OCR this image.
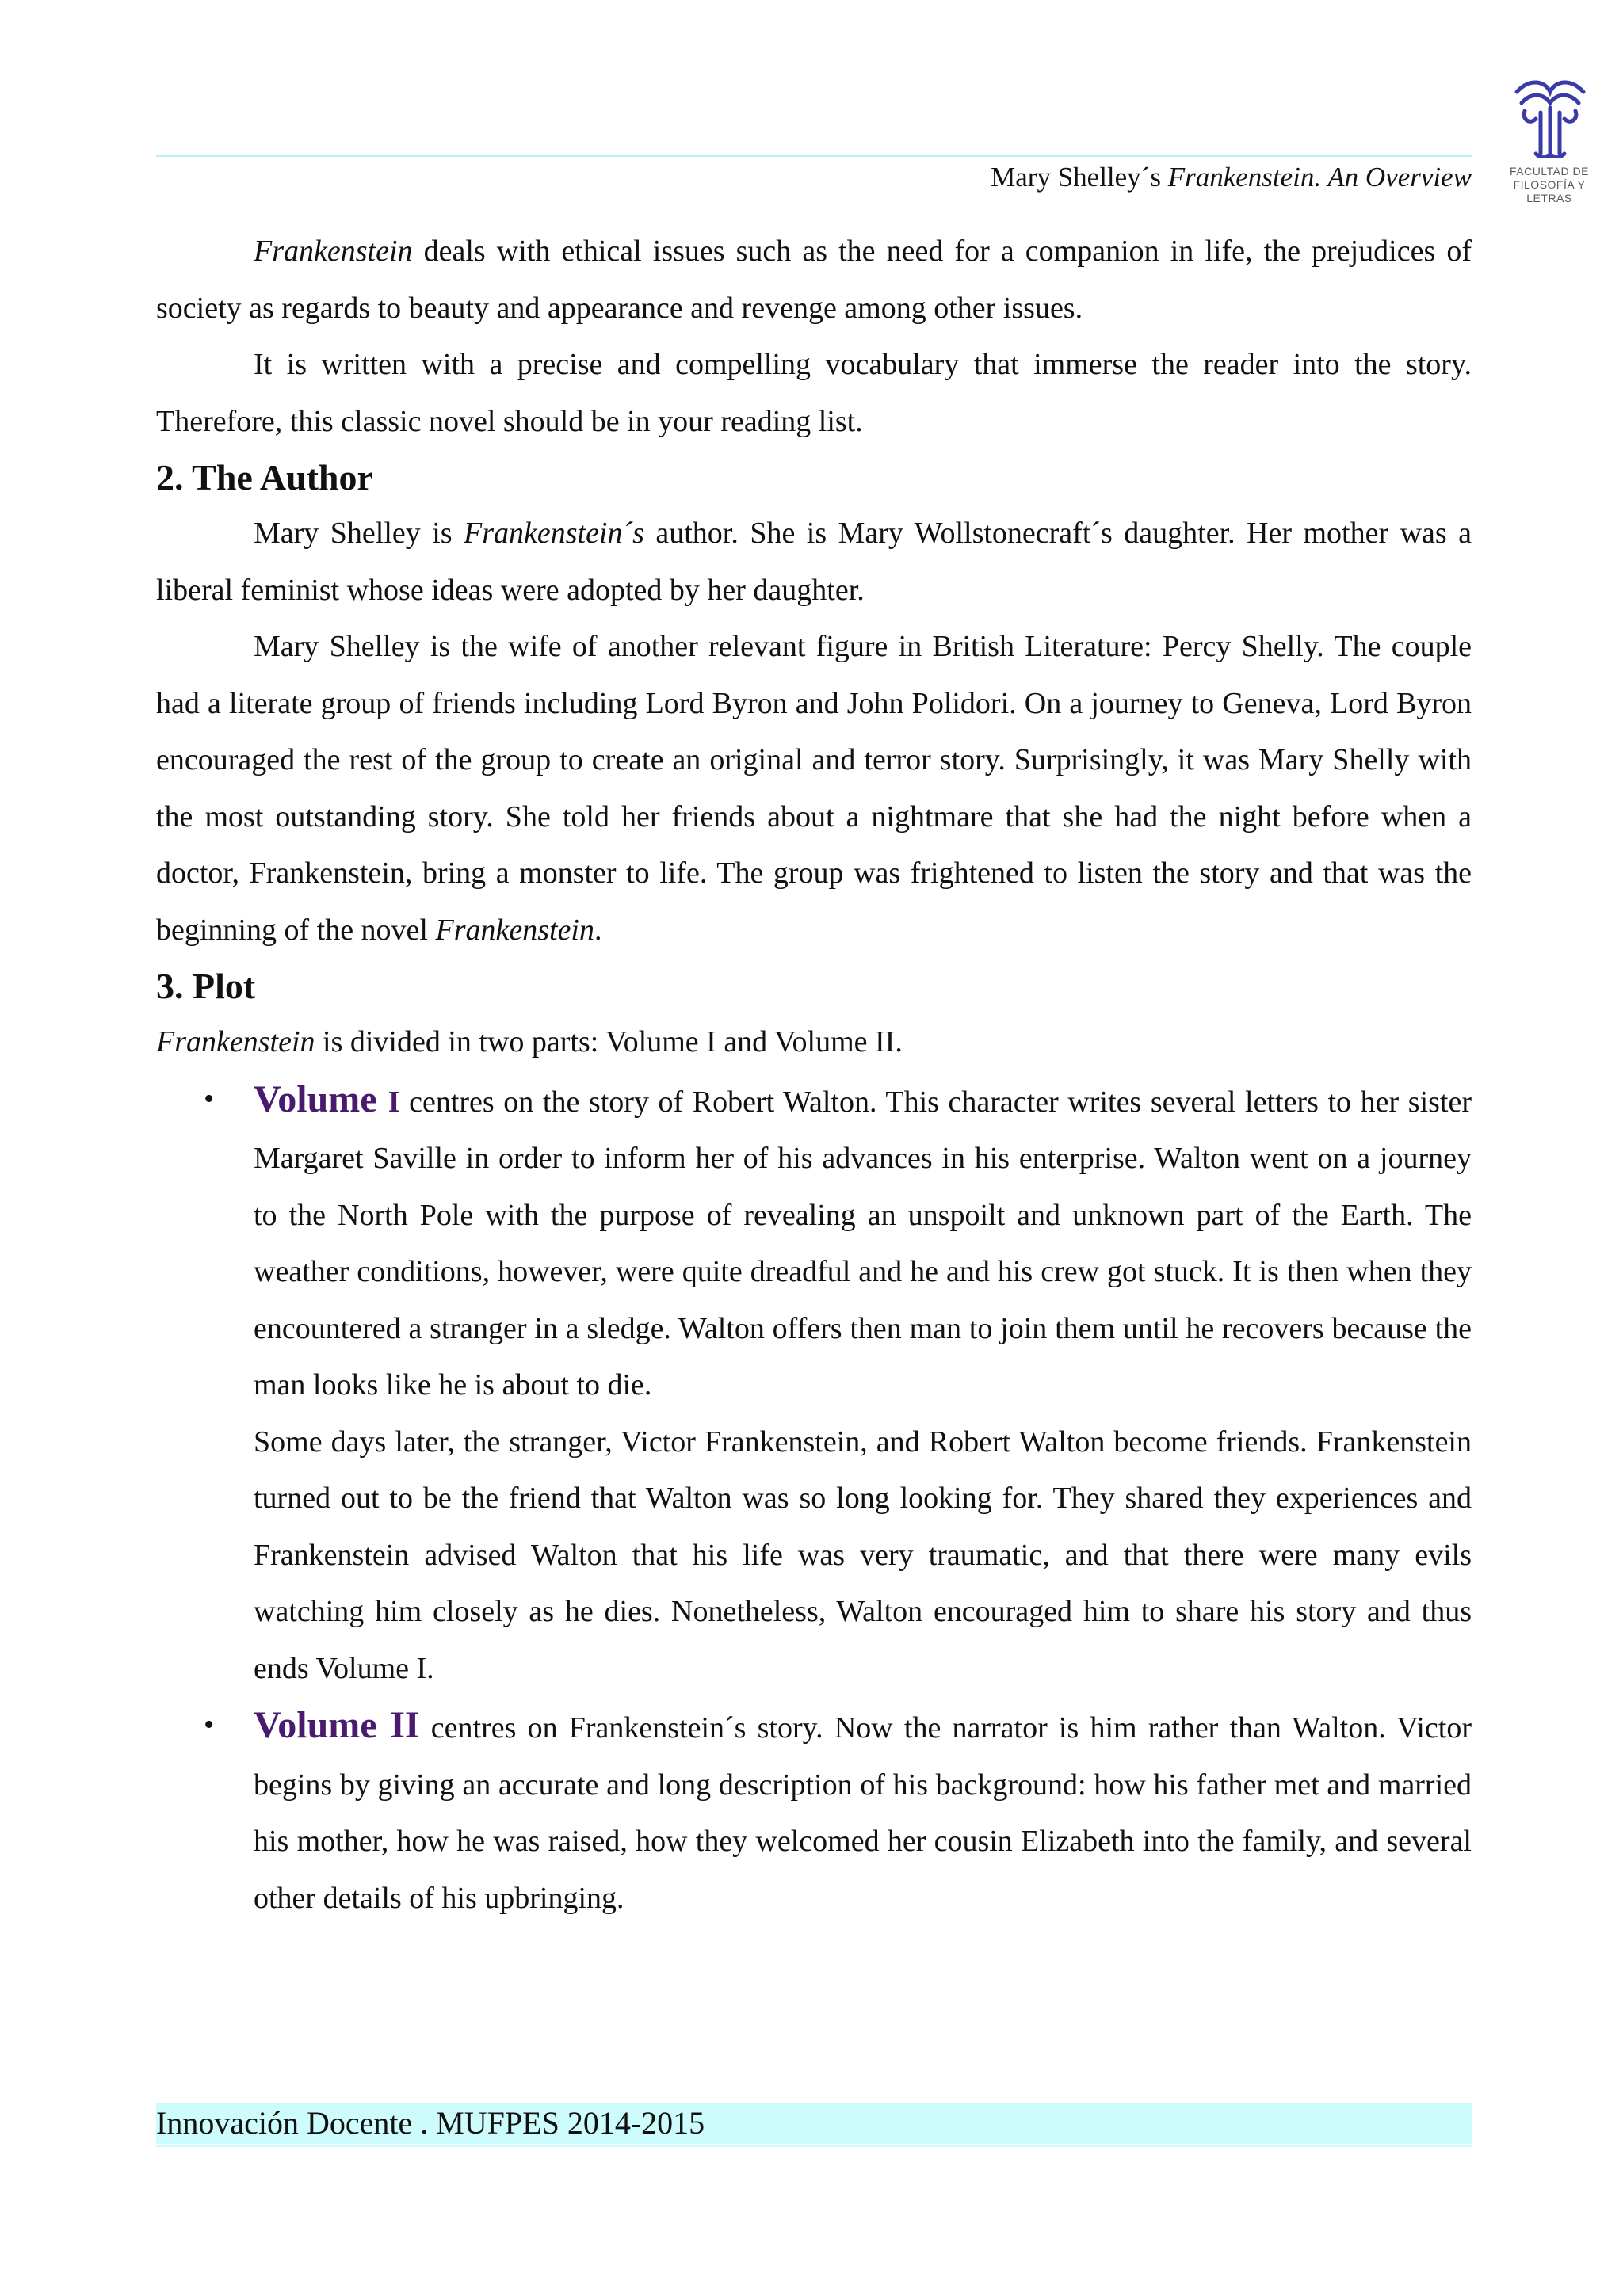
FACULTAD DE
FILOSOFÍA Y LETRAS
Mary Shelley´s Frankenstein. An Overview

Frankenstein deals with ethical issues such as the need for a companion in life, the prejudices of society as regards to beauty and appearance and revenge among other issues.

It is written with a precise and compelling vocabulary that immerse the reader into the story. Therefore, this classic novel should be in your reading list.

2. The Author

Mary Shelley is Frankenstein´s author. She is Mary Wollstonecraft´s daughter. Her mother was a liberal feminist whose ideas were adopted by her daughter.

Mary Shelley is the wife of another relevant figure in British Literature: Percy Shelly. The couple had a literate group of friends including Lord Byron and John Polidori. On a journey to Geneva, Lord Byron encouraged the rest of the group to create an original and terror story. Surprisingly, it was Mary Shelly with the most outstanding story. She told her friends about a nightmare that she had the night before when a doctor, Frankenstein, bring a monster to life. The group was frightened to listen the story and that was the beginning of the novel Frankenstein.

3. Plot

Frankenstein is divided in two parts: Volume I and Volume II.

• Volume I centres on the story of Robert Walton. This character writes several letters to her sister Margaret Saville in order to inform her of his advances in his enterprise. Walton went on a journey to the North Pole with the purpose of revealing an unspoilt and unknown part of the Earth. The weather conditions, however, were quite dreadful and he and his crew got stuck. It is then when they encountered a stranger in a sledge. Walton offers then man to join them until he recovers because the man looks like he is about to die.
Some days later, the stranger, Victor Frankenstein, and Robert Walton become friends. Frankenstein turned out to be the friend that Walton was so long looking for. They shared they experiences and Frankenstein advised Walton that his life was very traumatic, and that there were many evils watching him closely as he dies. Nonetheless, Walton encouraged him to share his story and thus ends Volume I.
• Volume II centres on Frankenstein´s story. Now the narrator is him rather than Walton. Victor begins by giving an accurate and long description of his background: how his father met and married his mother, how he was raised, how they welcomed her cousin Elizabeth into the family, and several other details of his upbringing.
Innovación Docente . MUFPES 2014-2015
